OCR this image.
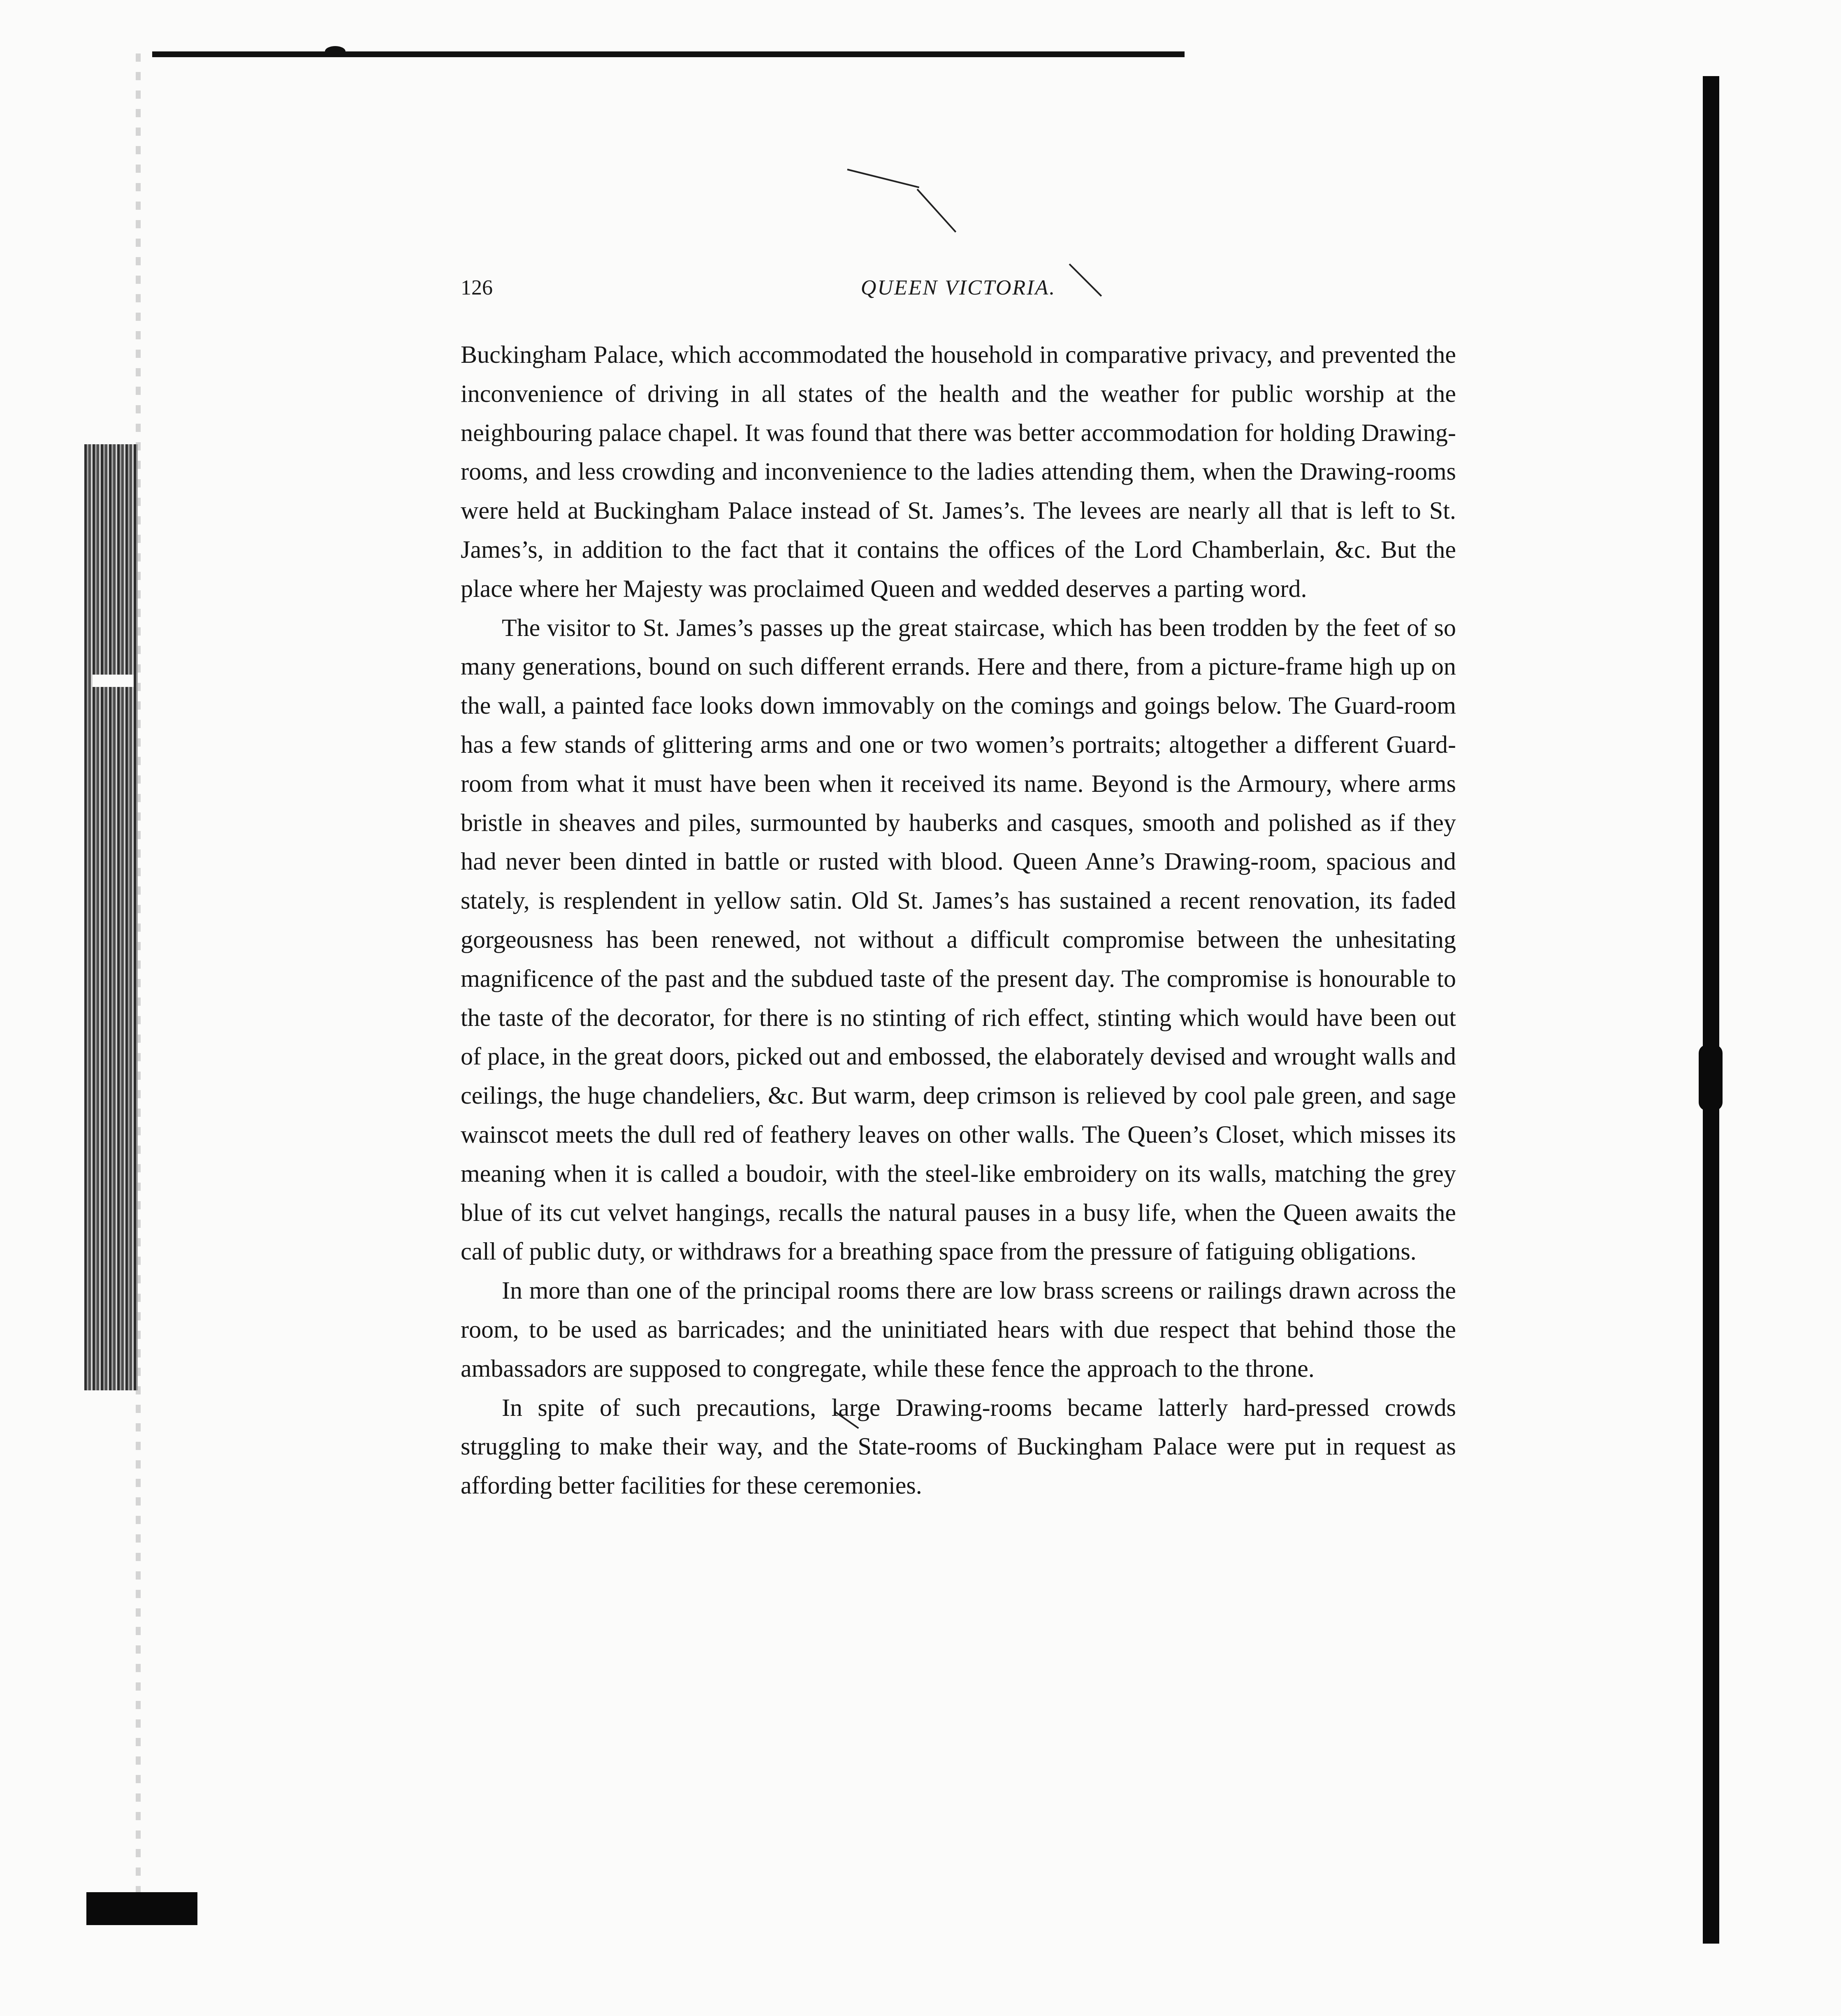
126	QUEEN VICTORIA.

Buckingham Palace, which accommodated the household in comparative privacy, and prevented the inconvenience of driving in all states of the health and the weather for public worship at the neighbouring palace chapel. It was found that there was better accommodation for holding Drawing-rooms, and less crowding and inconvenience to the ladies attending them, when the Drawing-rooms were held at Buckingham Palace instead of St. James’s. The levees are nearly all that is left to St. James’s, in addition to the fact that it contains the offices of the Lord Chamberlain, &c. But the place where her Majesty was proclaimed Queen and wedded deserves a parting word.

The visitor to St. James’s passes up the great staircase, which has been trodden by the feet of so many generations, bound on such different errands. Here and there, from a picture-frame high up on the wall, a painted face looks down immovably on the comings and goings below. The Guard-room has a few stands of glittering arms and one or two women’s portraits; altogether a different Guard-room from what it must have been when it received its name. Beyond is the Armoury, where arms bristle in sheaves and piles, surmounted by hauberks and casques, smooth and polished as if they had never been dinted in battle or rusted with blood. Queen Anne’s Drawing-room, spacious and stately, is resplendent in yellow satin. Old St. James’s has sustained a recent renovation, its faded gorgeousness has been renewed, not without a difficult compromise between the unhesitating magnificence of the past and the subdued taste of the present day. The compromise is honourable to the taste of the decorator, for there is no stinting of rich effect, stinting which would have been out of place, in the great doors, picked out and embossed, the elaborately devised and wrought walls and ceilings, the huge chandeliers, &c. But warm, deep crimson is relieved by cool pale green, and sage wainscot meets the dull red of feathery leaves on other walls. The Queen’s Closet, which misses its meaning when it is called a boudoir, with the steel-like embroidery on its walls, matching the grey blue of its cut velvet hangings, recalls the natural pauses in a busy life, when the Queen awaits the call of public duty, or withdraws for a breathing space from the pressure of fatiguing obligations.

In more than one of the principal rooms there are low brass screens or railings drawn across the room, to be used as barricades; and the uninitiated hears with due respect that behind those the ambassadors are supposed to congregate, while these fence the approach to the throne.

In spite of such precautions, large Drawing-rooms became latterly hard-pressed crowds struggling to make their way, and the State-rooms of Buckingham Palace were put in request as affording better facilities for these ceremonies.
